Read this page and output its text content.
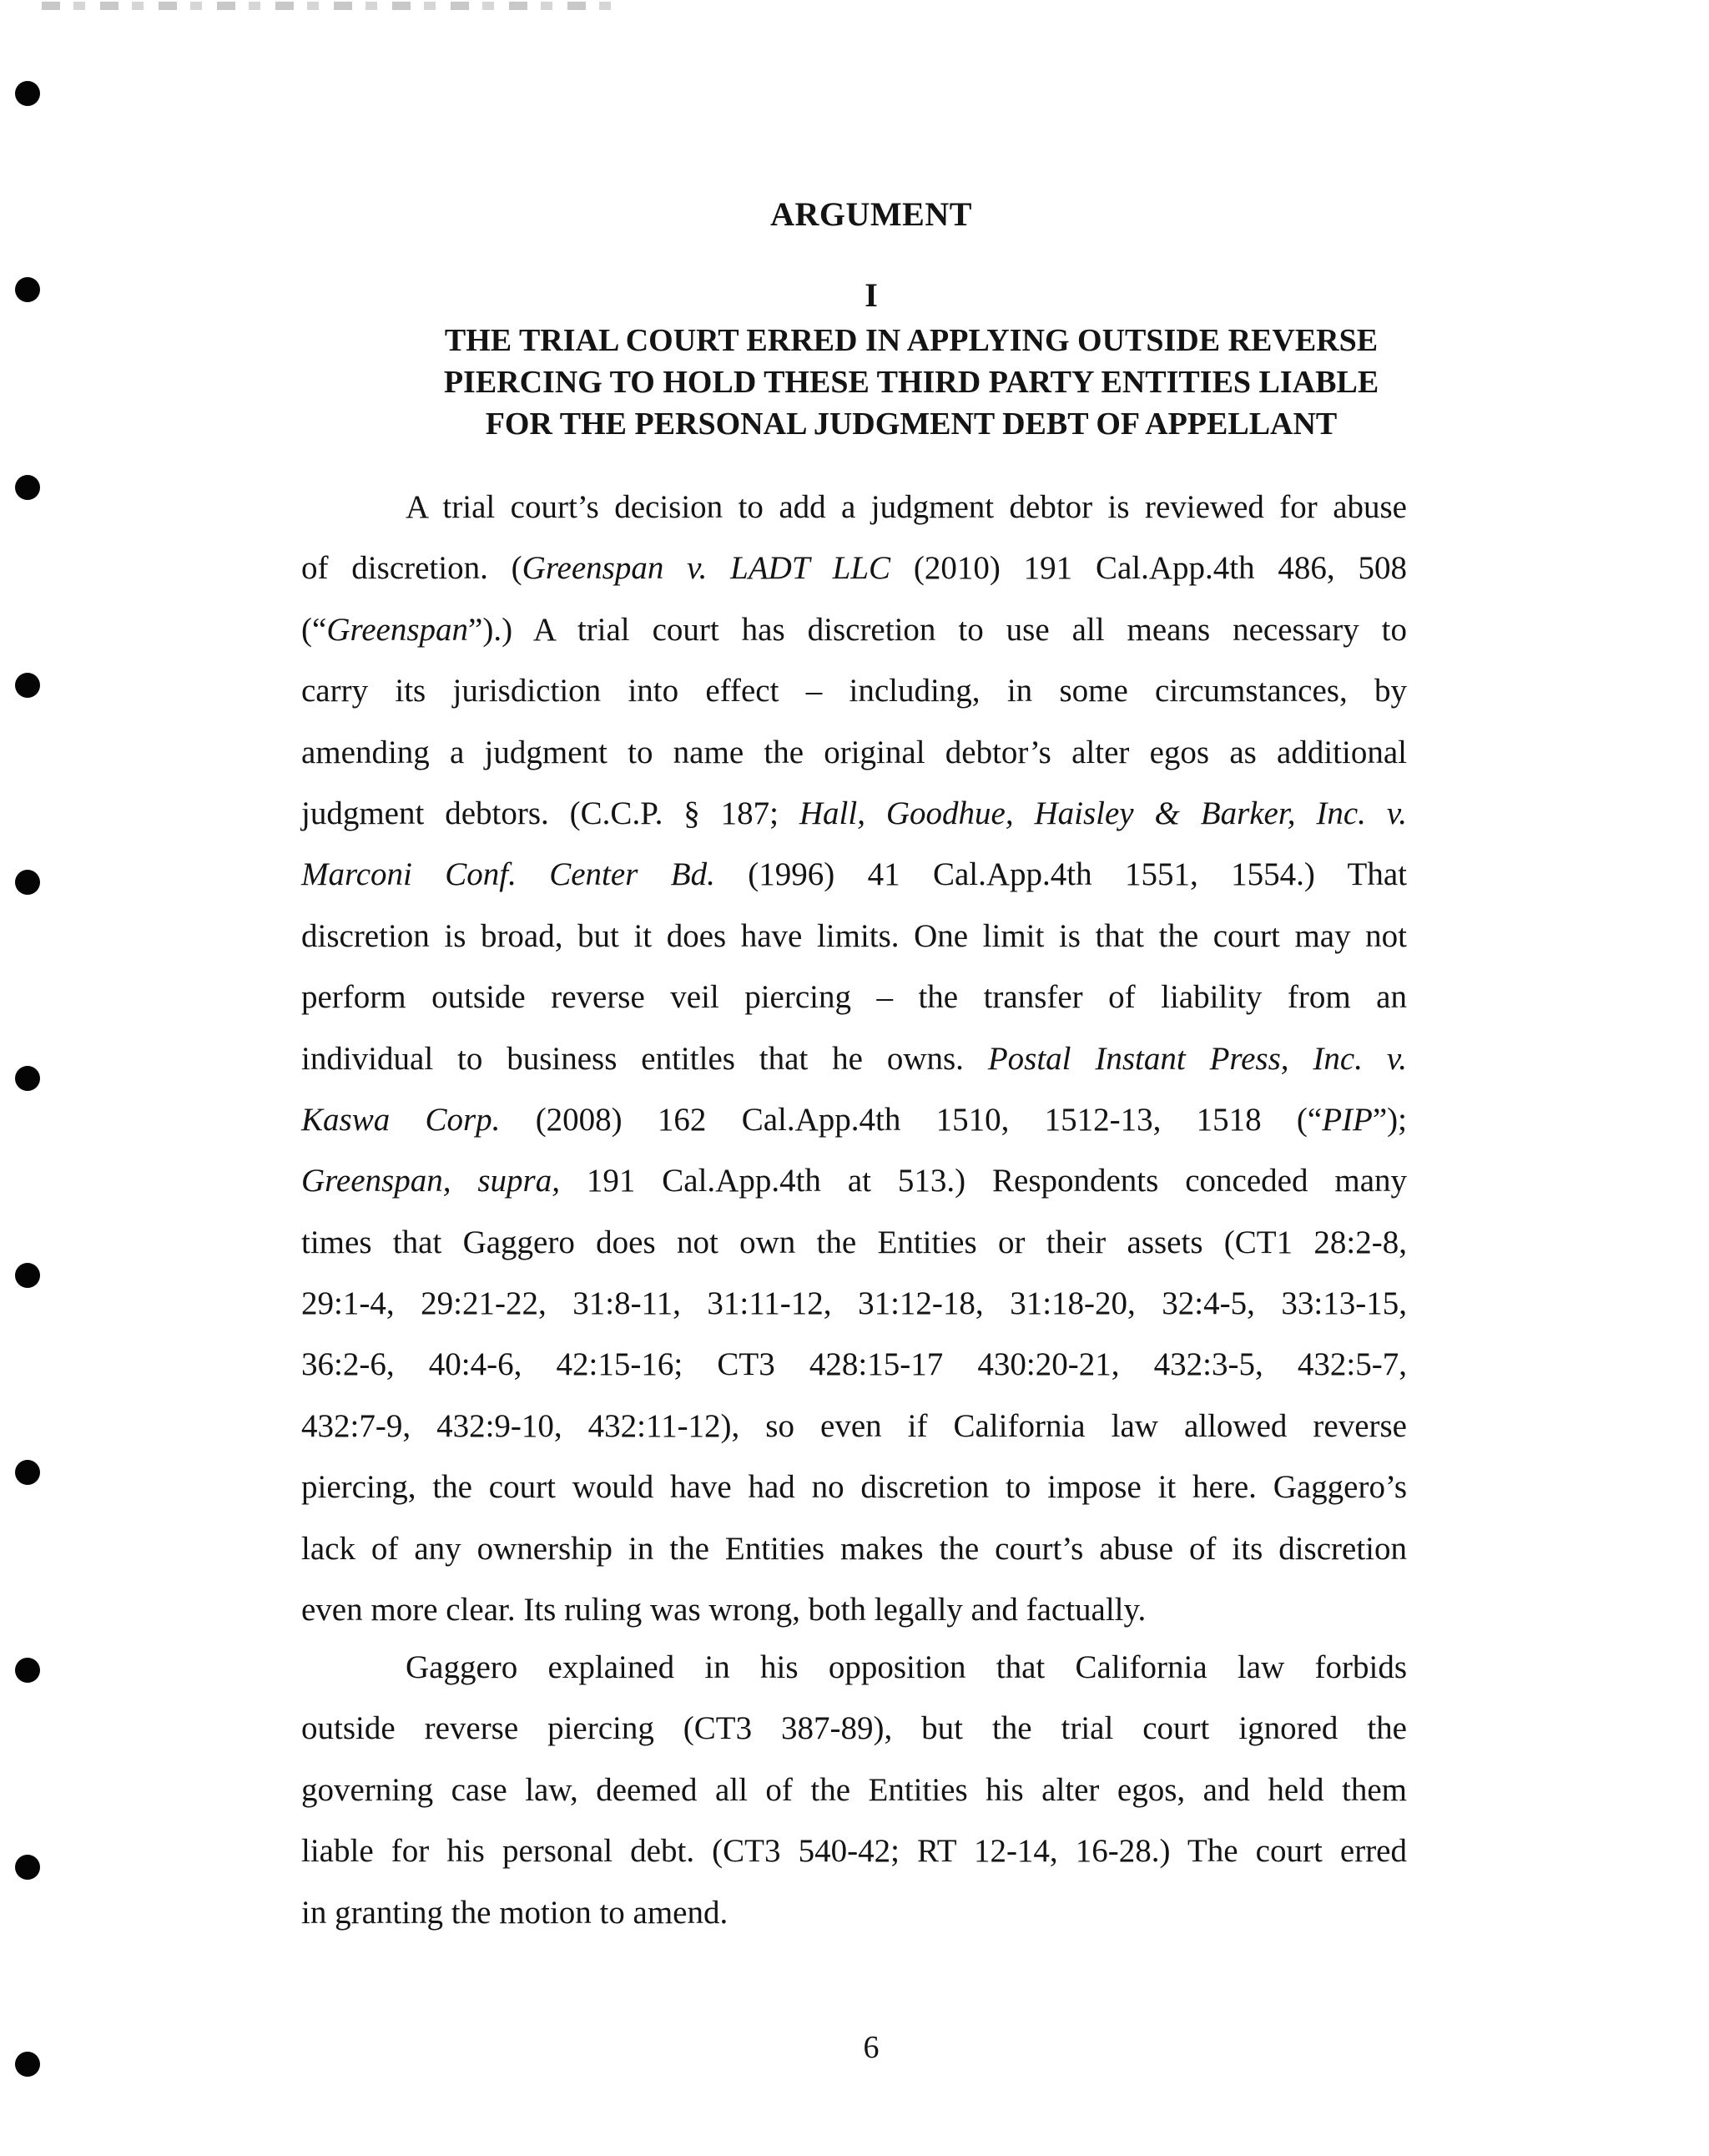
ARGUMENT
I
THE TRIAL COURT ERRED IN APPLYING OUTSIDE REVERSE
PIERCING TO HOLD THESE THIRD PARTY ENTITIES LIABLE
FOR THE PERSONAL JUDGMENT DEBT OF APPELLANT
A trial court’s decision to add a judgment debtor is reviewed for abuse
of discretion. (Greenspan v. LADT LLC (2010) 191 Cal.App.4th 486, 508
(“Greenspan”).) A trial court has discretion to use all means necessary to
carry its jurisdiction into effect – including, in some circumstances, by
amending a judgment to name the original debtor’s alter egos as additional
judgment debtors. (C.C.P. § 187; Hall, Goodhue, Haisley & Barker, Inc. v.
Marconi Conf. Center Bd. (1996) 41 Cal.App.4th 1551, 1554.) That
discretion is broad, but it does have limits. One limit is that the court may not
perform outside reverse veil piercing – the transfer of liability from an
individual to business entitles that he owns. Postal Instant Press, Inc. v.
Kaswa Corp. (2008) 162 Cal.App.4th 1510, 1512-13, 1518 (“PIP”);
Greenspan, supra, 191 Cal.App.4th at 513.) Respondents conceded many
times that Gaggero does not own the Entities or their assets (CT1 28:2-8,
29:1-4, 29:21-22, 31:8-11, 31:11-12, 31:12-18, 31:18-20, 32:4-5, 33:13-15,
36:2-6, 40:4-6, 42:15-16; CT3 428:15-17 430:20-21, 432:3-5, 432:5-7,
432:7-9, 432:9-10, 432:11-12), so even if California law allowed reverse
piercing, the court would have had no discretion to impose it here. Gaggero’s
lack of any ownership in the Entities makes the court’s abuse of its discretion
even more clear. Its ruling was wrong, both legally and factually.
Gaggero explained in his opposition that California law forbids
outside reverse piercing (CT3 387-89), but the trial court ignored the
governing case law, deemed all of the Entities his alter egos, and held them
liable for his personal debt. (CT3 540-42; RT 12-14, 16-28.) The court erred
in granting the motion to amend.
6
